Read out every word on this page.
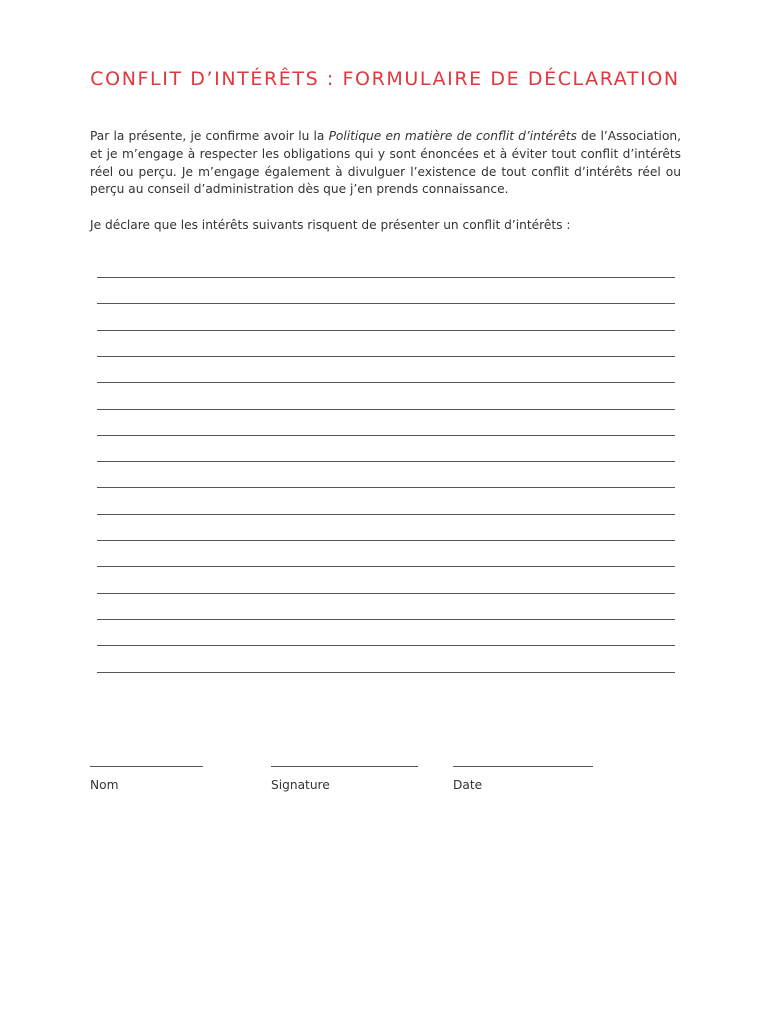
CONFLIT D’INTÉRÊTS : FORMULAIRE DE DÉCLARATION

Par la présente, je confirme avoir lu la Politique en matière de conflit d’intérêts de l’Association, et je m’engage à respecter les obligations qui y sont énoncées et à éviter tout conflit d’intérêts réel ou perçu. Je m’engage également à divulguer l’existence de tout conflit d’intérêts réel ou perçu au conseil d’administration dès que j’en prends connaissance.

Je déclare que les intérêts suivants risquent de présenter un conflit d’intérêts :

Nom	Signature	Date
